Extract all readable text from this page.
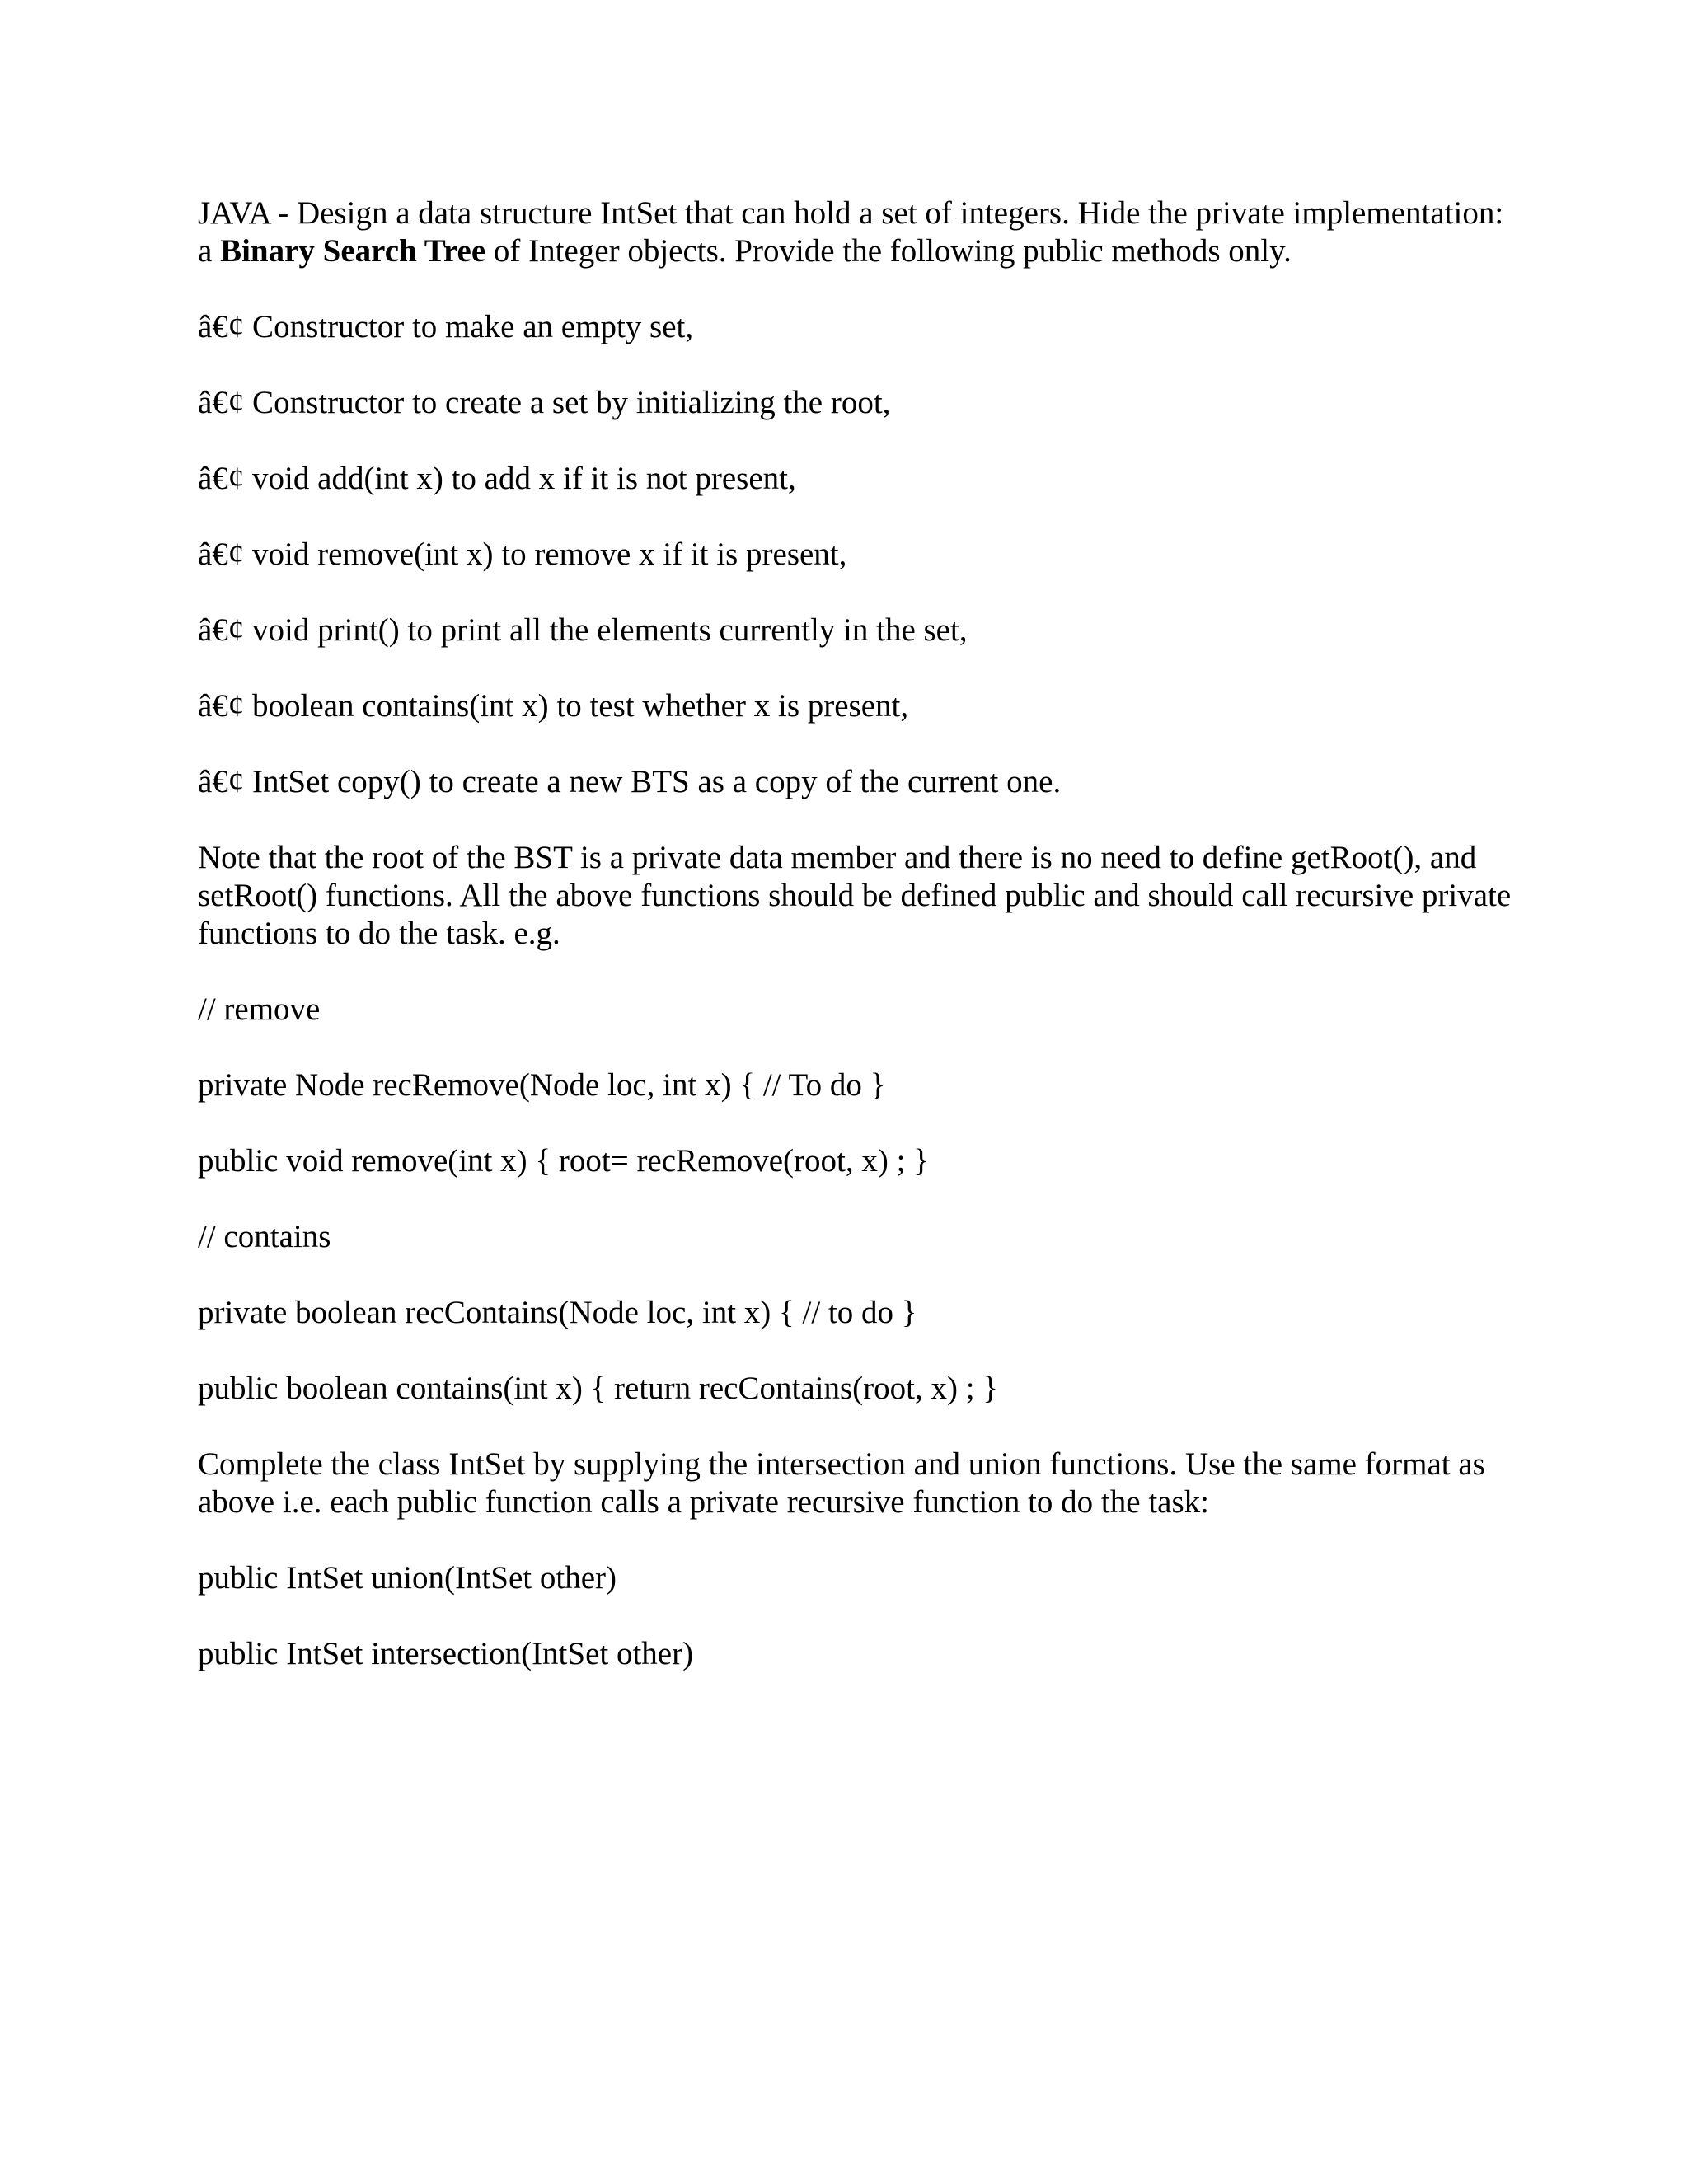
JAVA - Design a data structure IntSet that can hold a set of integers. Hide the private implementation: a Binary Search Tree of Integer objects. Provide the following public methods only.

â€¢ Constructor to make an empty set,

â€¢ Constructor to create a set by initializing the root,

â€¢ void add(int x) to add x if it is not present,

â€¢ void remove(int x) to remove x if it is present,

â€¢ void print() to print all the elements currently in the set,

â€¢ boolean contains(int x) to test whether x is present,

â€¢ IntSet copy() to create a new BTS as a copy of the current one.

Note that the root of the BST is a private data member and there is no need to define getRoot(), and setRoot() functions. All the above functions should be defined public and should call recursive private functions to do the task. e.g.

// remove

private Node recRemove(Node loc, int x) { // To do }

public void remove(int x) { root= recRemove(root, x) ; }

// contains

private boolean recContains(Node loc, int x) { // to do }

public boolean contains(int x) { return recContains(root, x) ; }

Complete the class IntSet by supplying the intersection and union functions. Use the same format as above i.e. each public function calls a private recursive function to do the task:

public IntSet union(IntSet other)

public IntSet intersection(IntSet other)
